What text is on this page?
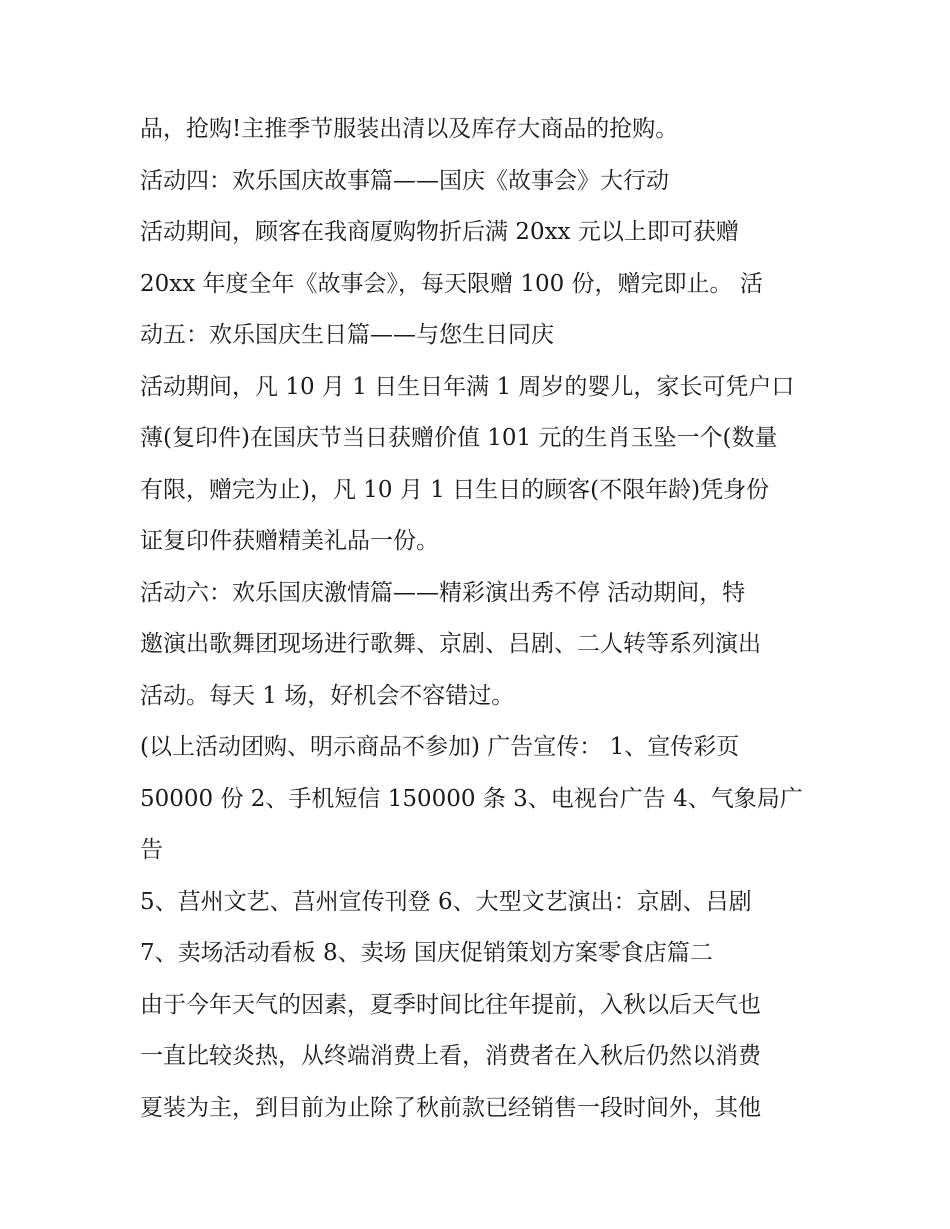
品，抢购!主推季节服装出清以及库存大商品的抢购。
活动四：欢乐国庆故事篇——国庆《故事会》大行动
活动期间，顾客在我商厦购物折后满 20xx 元以上即可获赠
20xx 年度全年《故事会》，每天限赠 100 份，赠完即止。 活
动五：欢乐国庆生日篇——与您生日同庆
活动期间，凡 10 月 1 日生日年满 1 周岁的婴儿，家长可凭户口
薄(复印件)在国庆节当日获赠价值 101 元的生肖玉坠一个(数量
有限，赠完为止)，凡 10 月 1 日生日的顾客(不限年龄)凭身份
证复印件获赠精美礼品一份。
活动六：欢乐国庆激情篇——精彩演出秀不停 活动期间，特
邀演出歌舞团现场进行歌舞、京剧、吕剧、二人转等系列演出
活动。每天 1 场，好机会不容错过。
(以上活动团购、明示商品不参加) 广告宣传： 1、宣传彩页
50000 份 2、手机短信 150000 条 3、电视台广告 4、气象局广
告
5、莒州文艺、莒州宣传刊登 6、大型文艺演出：京剧、吕剧
7、卖场活动看板 8、卖场 国庆促销策划方案零食店篇二
由于今年天气的因素，夏季时间比往年提前，入秋以后天气也
一直比较炎热，从终端消费上看，消费者在入秋后仍然以消费
夏装为主，到目前为止除了秋前款已经销售一段时间外，其他
